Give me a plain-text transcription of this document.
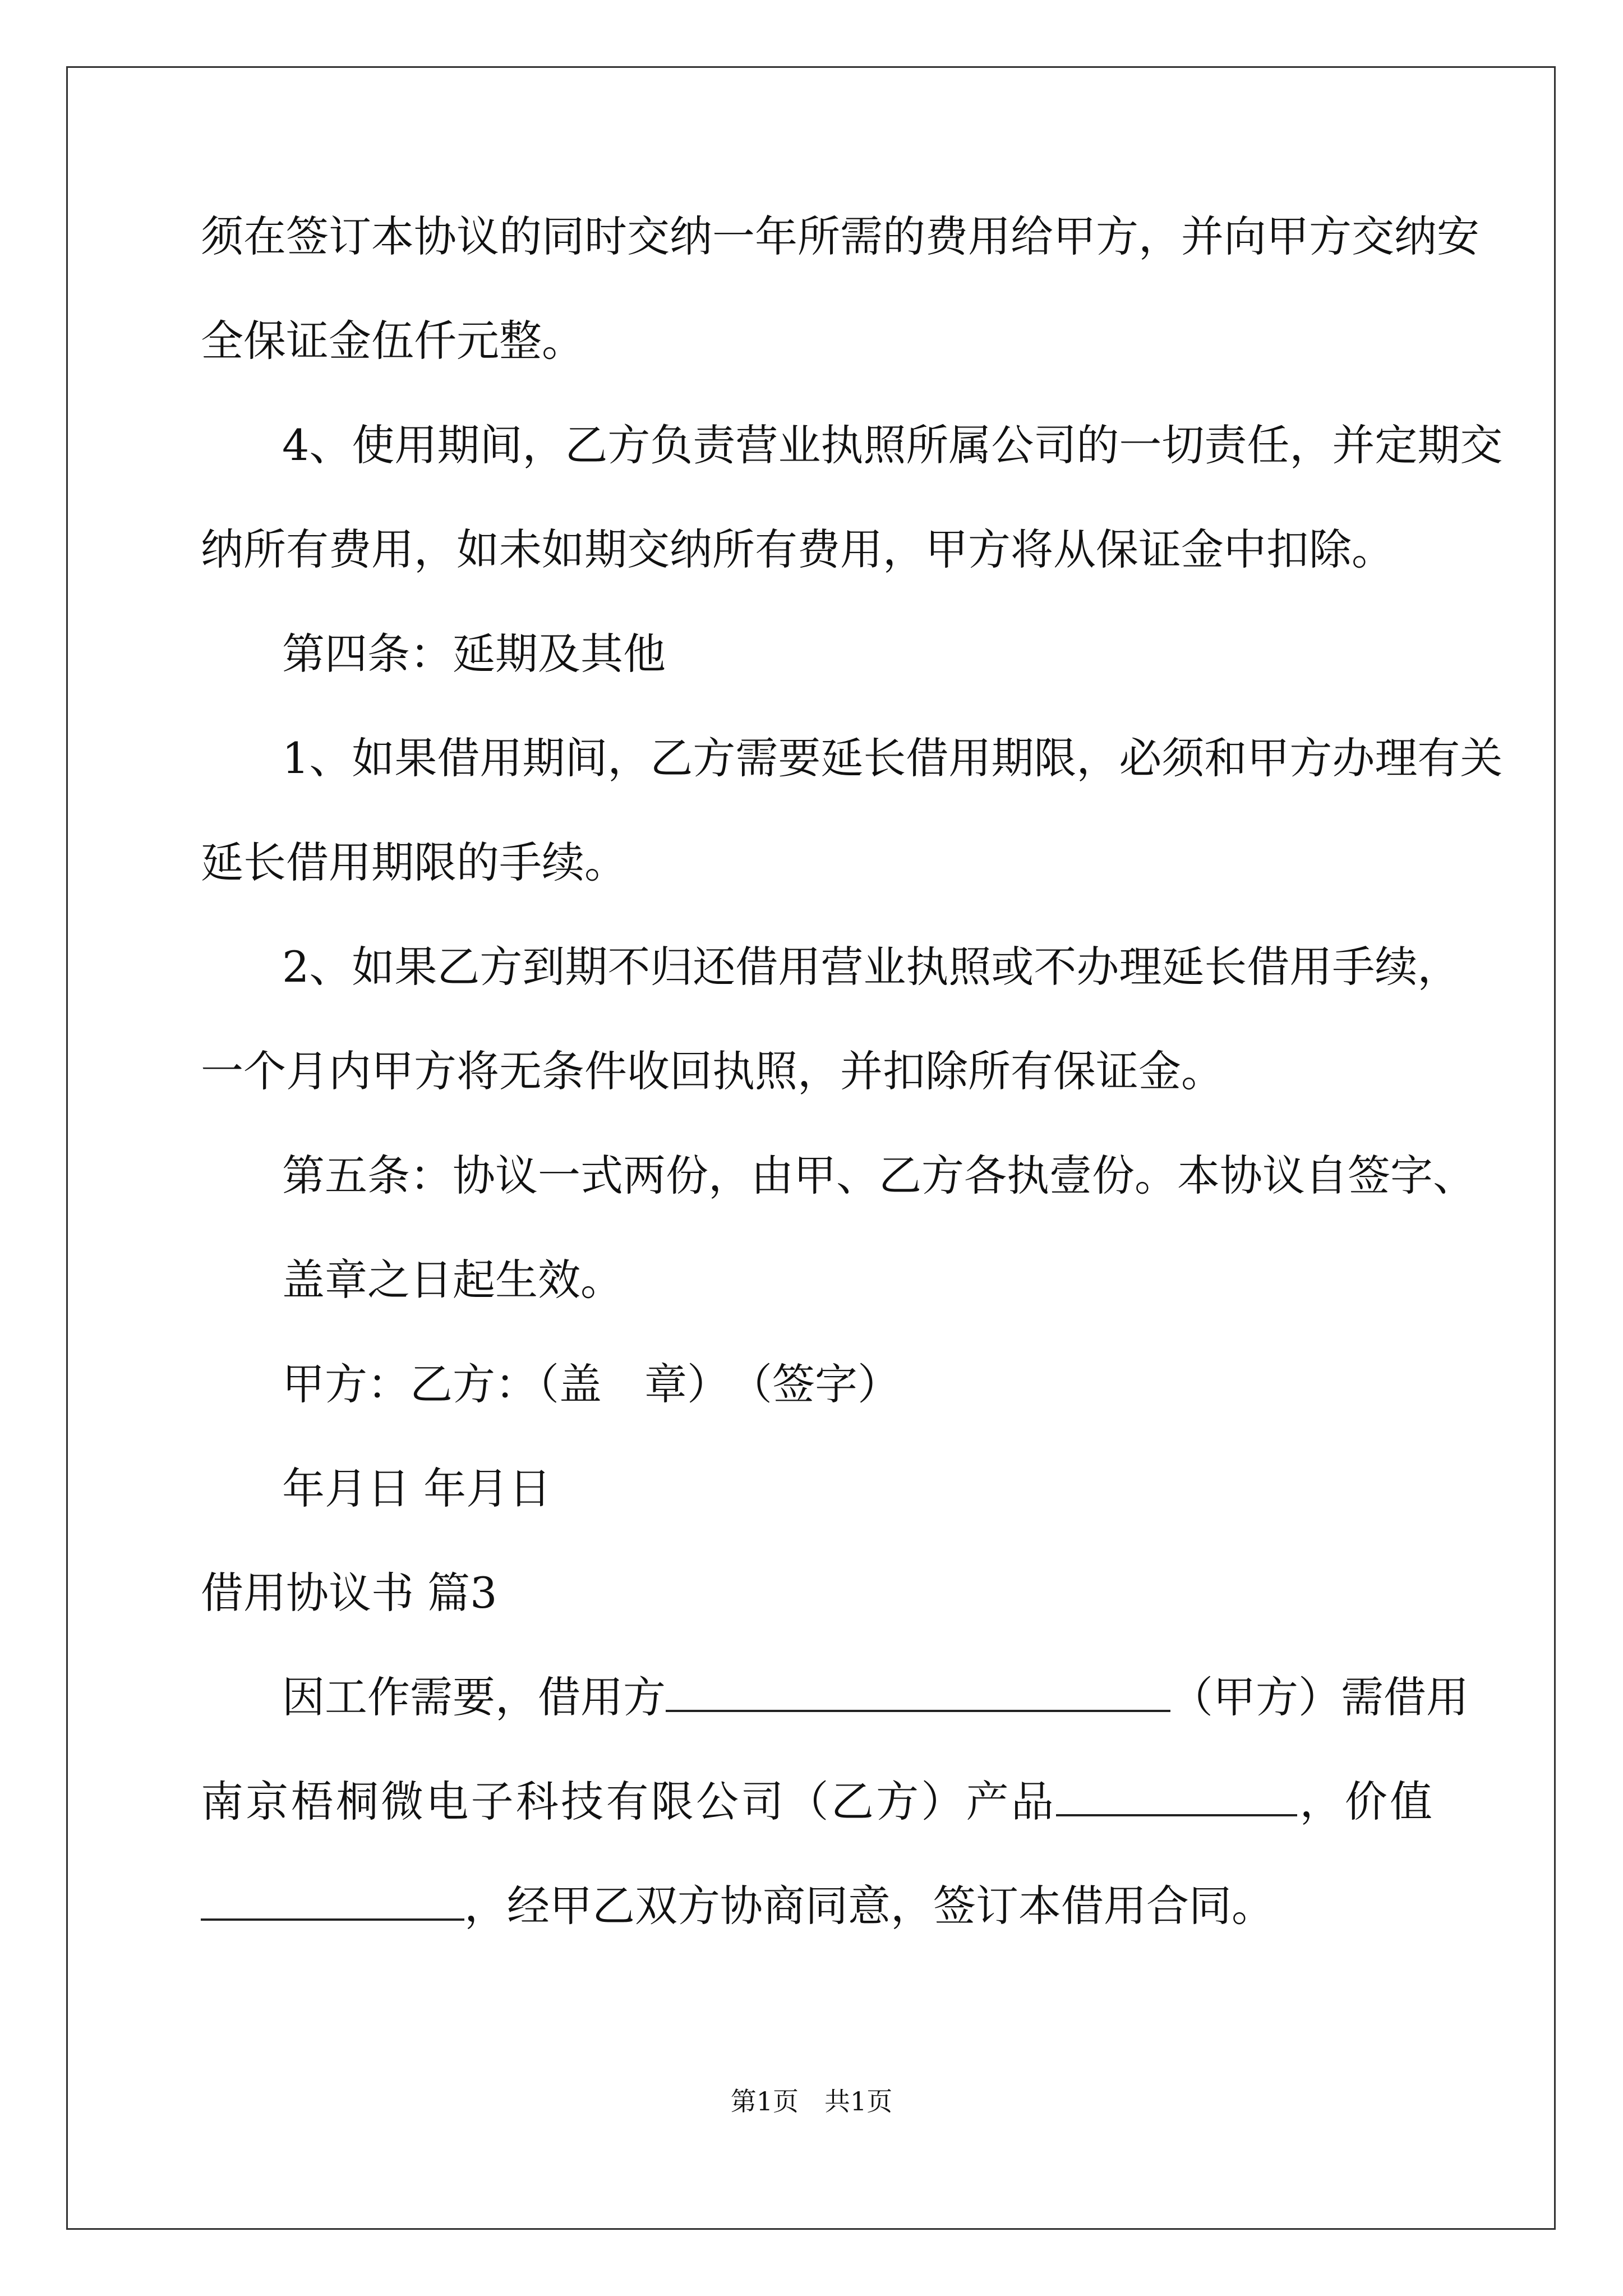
须在签订本协议的同时交纳一年所需的费用给甲方，并向甲方交纳安
全保证金伍仟元整。
4、使用期间，乙方负责营业执照所属公司的一切责任，并定期交
纳所有费用，如未如期交纳所有费用，甲方将从保证金中扣除。
第四条：延期及其他
1、如果借用期间，乙方需要延长借用期限，必须和甲方办理有关
延长借用期限的手续。
2、如果乙方到期不归还借用营业执照或不办理延长借用手续，
一个月内甲方将无条件收回执照，并扣除所有保证金。
第五条：协议一式两份，由甲、乙方各执壹份。本协议自签字、
盖章之日起生效。
甲方：乙方：（盖　章）　（签字）
年月日 年月日
借用协议书 篇3
因工作需要，借用方	（甲方）需借用
南京梧桐微电子科技有限公司（乙方）产品	，价值
，经甲乙双方协商同意，签订本借用合同。
第1页　共1页
